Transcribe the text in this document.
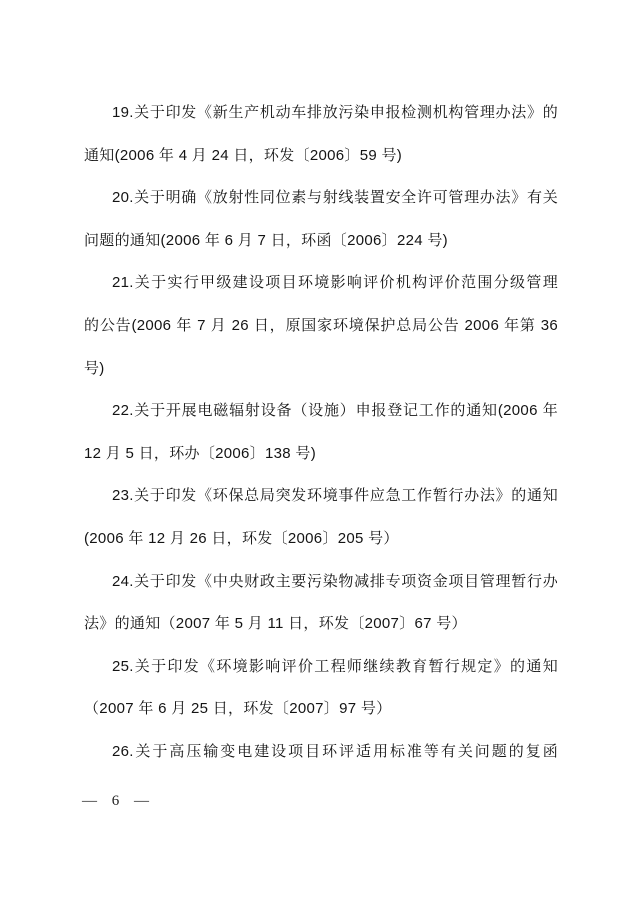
19.关于印发《新生产机动车排放污染申报检测机构管理办法》的
通知(2006 年 4 月 24 日，环发〔2006〕59 号)
20.关于明确《放射性同位素与射线装置安全许可管理办法》有关
问题的通知(2006 年 6 月 7 日，环函〔2006〕224 号)
21.关于实行甲级建设项目环境影响评价机构评价范围分级管理
的公告(2006 年 7 月 26 日，原国家环境保护总局公告 2006 年第 36
号)
22.关于开展电磁辐射设备（设施）申报登记工作的通知(2006 年
12 月 5 日，环办〔2006〕138 号)
23.关于印发《环保总局突发环境事件应急工作暂行办法》的通知
(2006 年 12 月 26 日，环发〔2006〕205 号）
24.关于印发《中央财政主要污染物减排专项资金项目管理暂行办
法》的通知（2007 年 5 月 11 日，环发〔2007〕67 号）
25.关于印发《环境影响评价工程师继续教育暂行规定》的通知
（2007 年 6 月 25 日，环发〔2007〕97 号）
26.关于高压输变电建设项目环评适用标准等有关问题的复函
— 6 —
